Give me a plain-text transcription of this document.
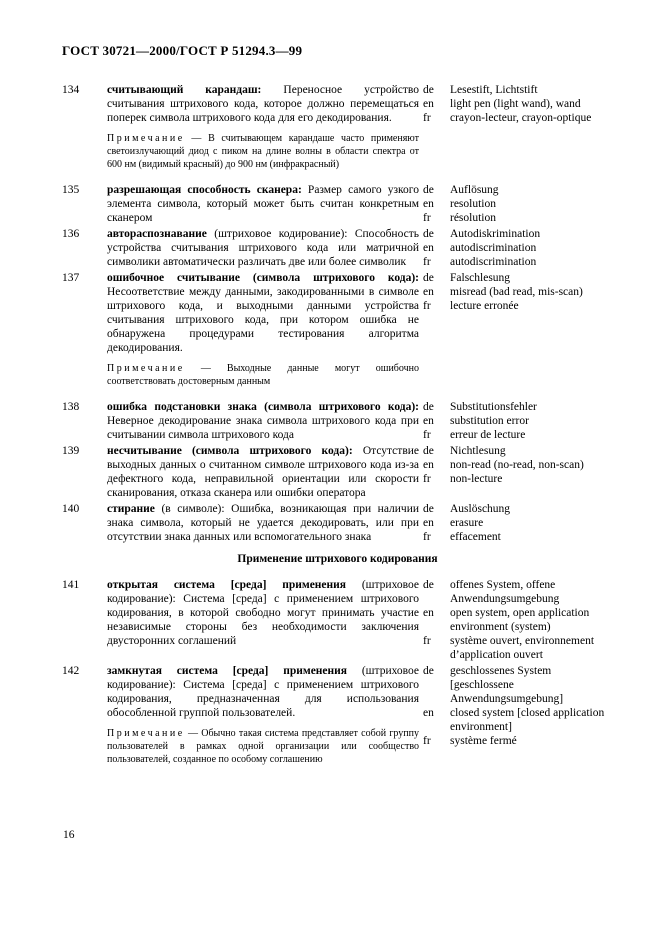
ГОСТ 30721—2000/ГОСТ Р 51294.3—99
134	считывающий карандаш: Переносное устройство считывания штрихового кода, которое должно перемещаться поперек символа штрихового кода для его декодирования.

Примечание — В считывающем карандаше часто применяют светоизлучающий диод с пиком на длине волны в области спектра от 600 нм (видимый красный) до 900 нм (инфракрасный)

de	Lesestift, Lichtstift
en	light pen (light wand), wand
fr	crayon-lecteur, crayon-optique
135	разрешающая способность сканера: Размер самого узкого элемента символа, который может быть считан конкретным сканером

de	Auflösung
en	resolution
fr	résolution
136	автораспознавание (штриховое кодирование): Способность устройства считывания штрихового кода или матричной символики автоматически различать две или более символик

de	Autodiskrimination
en	autodiscrimination
fr	autodiscrimination
137	ошибочное считывание (символа штрихового кода): Несоответствие между данными, закодированными в символе штрихового кода, и выходными данными устройства считывания штрихового кода, при котором ошибка не обнаружена процедурами тестирования алгоритма декодирования.

Примечание — Выходные данные могут ошибочно соответствовать достоверным данным

de	Falschlesung
en	misread (bad read, mis-scan)
fr	lecture erronée
138	ошибка подстановки знака (символа штрихового кода): Неверное декодирование знака символа штрихового кода при считывании символа штрихового кода

de	Substitutionsfehler
en	substitution error
fr	erreur de lecture
139	несчитывание (символа штрихового кода): Отсутствие выходных данных о считанном символе штрихового кода из-за дефектного кода, неправильной ориентации или скорости сканирования, отказа сканера или ошибки оператора

de	Nichtlesung
en	non-read (no-read, non-scan)
fr	non-lecture
140	стирание (в символе): Ошибка, возникающая при наличии знака символа, который не удается декодировать, или при отсутствии знака данных или вспомогательного знака

de	Auslöschung
en	erasure
fr	effacement
Применение штрихового кодирования
141	открытая система [среда] применения (штриховое кодирование): Система [среда] с применением штрихового кодирования, в которой свободно могут принимать участие независимые стороны без необходимости заключения двусторонних соглашений

de	offenes System, offene Anwendungsumgebung
en	open system, open application environment (system)
fr	système ouvert, environnement d’application ouvert
142	замкнутая система [среда] применения (штриховое кодирование): Система [среда] с применением штрихового кодирования, предназначенная для использования обособленной группой пользователей.

Примечание — Обычно такая система представляет собой группу пользователей в рамках одной организации или сообщество пользователей, созданное по особому соглашению

de	geschlossenes System [geschlossene Anwendungsumgebung]
en	closed system [closed application environment]
fr	système fermé
16
